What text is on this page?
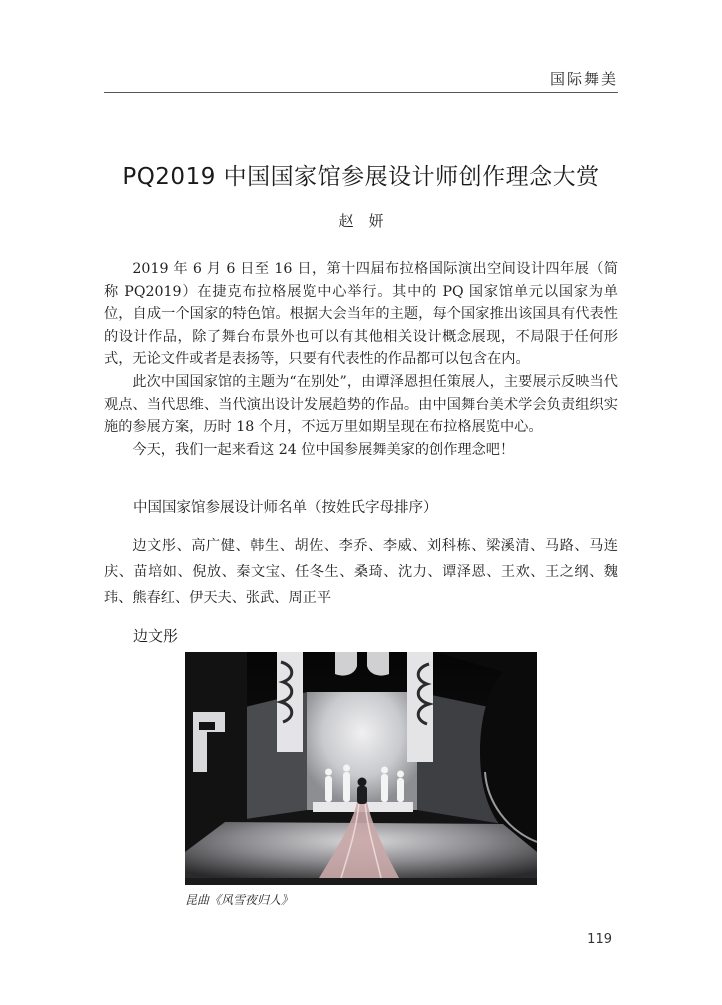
国际舞美
PQ2019 中国国家馆参展设计师创作理念大赏
赵　妍

2019 年 6 月 6 日至 16 日，第十四届布拉格国际演出空间设计四年展（简称 PQ2019）在捷克布拉格展览中心举行。其中的 PQ 国家馆单元以国家为单位，自成一个国家的特色馆。根据大会当年的主题，每个国家推出该国具有代表性的设计作品，除了舞台布景外也可以有其他相关设计概念展现，不局限于任何形式，无论文件或者是表扬等，只要有代表性的作品都可以包含在内。

此次中国国家馆的主题为“在别处”，由谭泽恩担任策展人，主要展示反映当代观点、当代思维、当代演出设计发展趋势的作品。由中国舞台美术学会负责组织实施的参展方案，历时 18 个月，不远万里如期呈现在布拉格展览中心。

今天，我们一起来看这 24 位中国参展舞美家的创作理念吧！

中国国家馆参展设计师名单（按姓氏字母排序）
边文彤、高广健、韩生、胡佐、李乔、李威、刘科栋、梁溪清、马路、马连庆、苗培如、倪放、秦文宝、任冬生、桑琦、沈力、谭泽恩、王欢、王之纲、魏玮、熊春红、伊天夫、张武、周正平
边文彤
昆曲《风雪夜归人》
119
